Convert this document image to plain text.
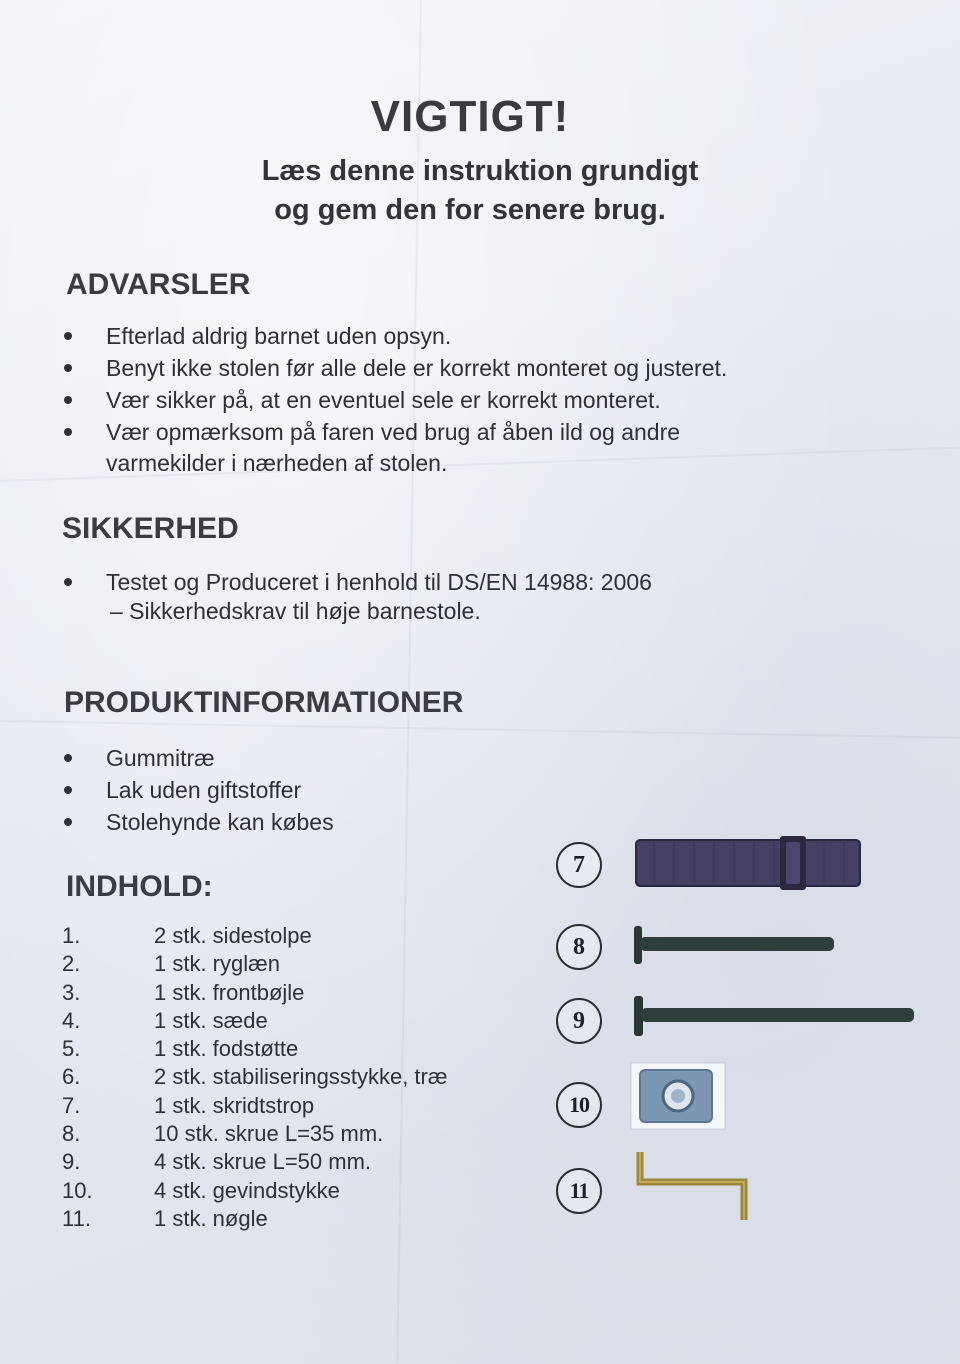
VIGTIGT!
Læs denne instruktion grundigt
og gem den for senere brug.
ADVARSLER
Efterlad aldrig barnet uden opsyn.
Benyt ikke stolen før alle dele er korrekt monteret og justeret.
Vær sikker på, at en eventuel sele er korrekt monteret.
Vær opmærksom på faren ved brug af åben ild og andre
varmekilder i nærheden af stolen.
SIKKERHED
Testet og Produceret i henhold til DS/EN 14988: 2006
– Sikkerhedskrav til høje barnestole.
PRODUKTINFORMATIONER
Gummitræ
Lak uden giftstoffer
Stolehynde kan købes
INDHOLD:
1.	2 stk. sidestolpe
2.	1 stk. ryglæn
3.	1 stk. frontbøjle
4.	1 stk. sæde
5.	1 stk. fodstøtte
6.	2 stk. stabiliseringsstykke, træ
7.	1 stk. skridtstrop
8.	10 stk. skrue L=35 mm.
9.	4 stk. skrue L=50 mm.
10.	4 stk. gevindstykke
11.	1 stk. nøgle
7
8
9
10
11
